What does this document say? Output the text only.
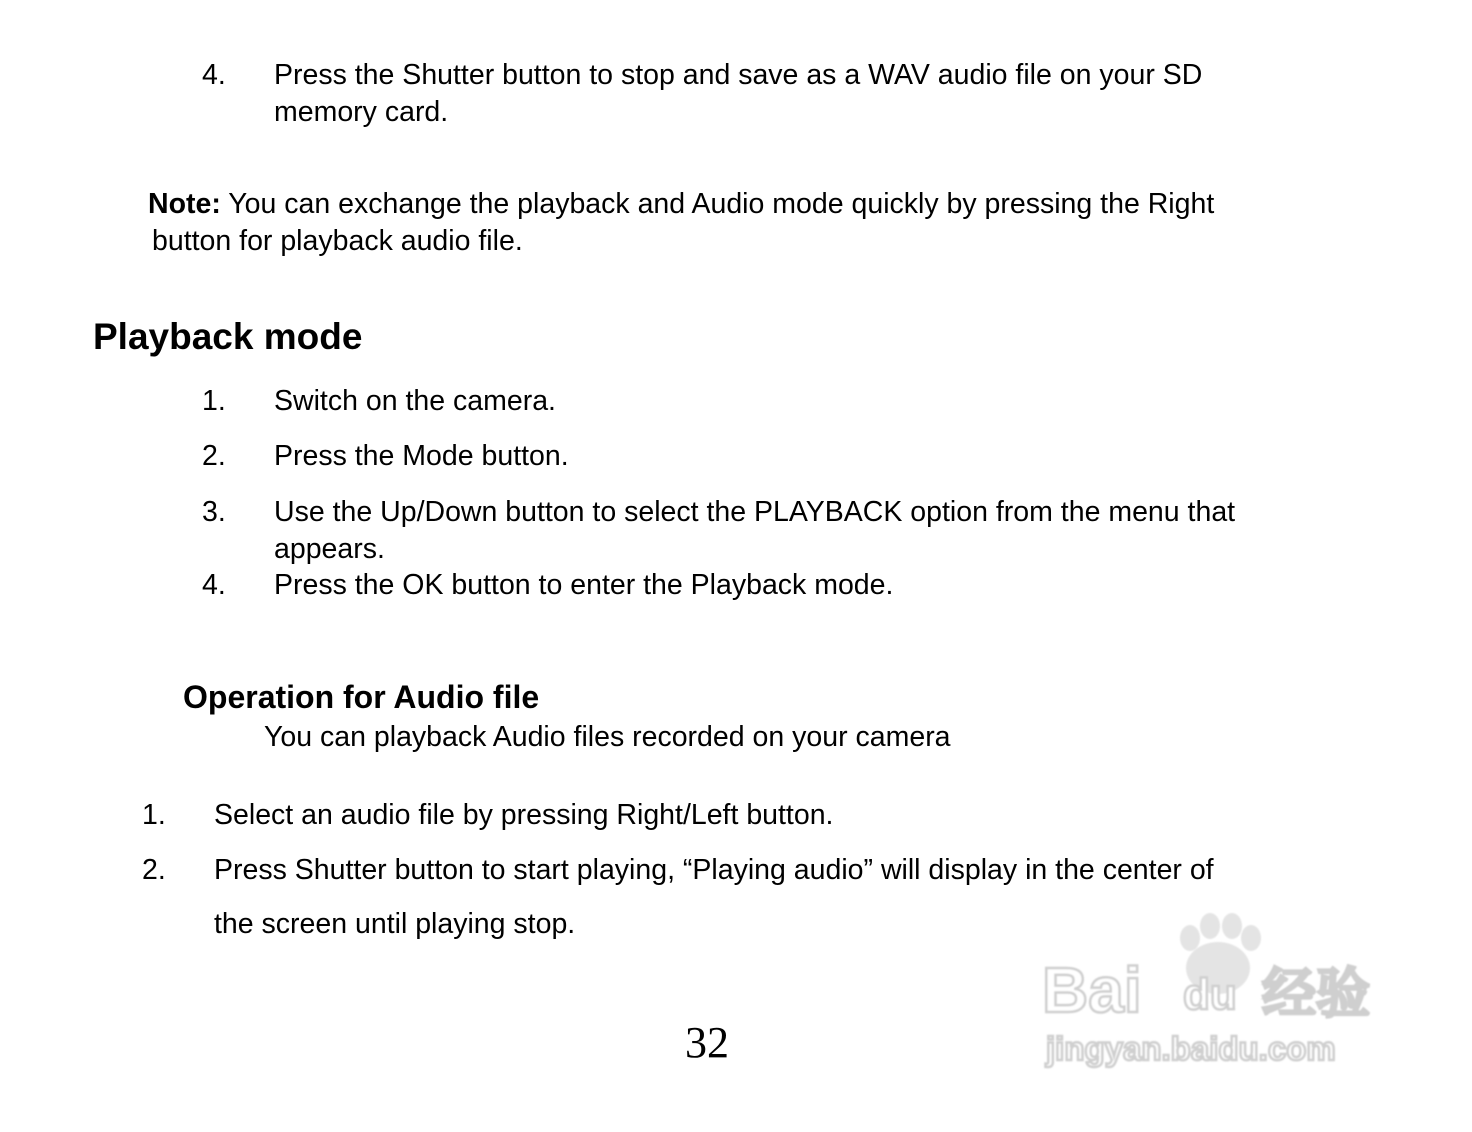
4. Press the Shutter button to stop and save as a WAV audio file on your SD
memory card.
Note: You can exchange the playback and Audio mode quickly by pressing the Right
button for playback audio file.
Playback mode
1. Switch on the camera.
2. Press the Mode button.
3. Use the Up/Down button to select the PLAYBACK option from the menu that
appears.
4. Press the OK button to enter the Playback mode.
Operation for Audio file
You can playback Audio files recorded on your camera
1. Select an audio file by pressing Right/Left button.
2. Press Shutter button to start playing, “Playing audio” will display in the center of
the screen until playing stop.
32
Bai du 经验
jingyan.baidu.com
